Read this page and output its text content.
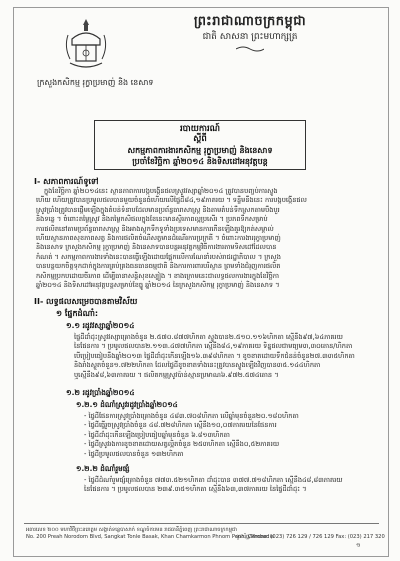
ព្រះរាជាណាចក្រកម្ពុជា
ជាតិ សាសនា ព្រះមហាក្សត្រ
ក្រសួងកសិកម្ម រុក្ខាប្រមាញ់ និង នេសាទ
របាយការណ៍
ស្តីពី
សកម្មភាពការងារកសិកម្ម រុក្ខាប្រមាញ់ និងនេសាទ
ប្រចាំខែវិច្ឆិកា ឆ្នាំ២០១៤ និងទិសដៅអនុវត្តបន្ត
I- សភាពការណ៍ទូទៅ
ក្នុងខែវិច្ឆិកា ឆ្នាំ២០១៤នេះ ស្ថានភាពការបង្កបង្កើនផលស្រូវវស្សាឆ្នាំ២០១៤ ត្រូវបានបញ្ចប់ការស្ទូង
ហើយ ហើយត្រូវបានប្រមូលផលបានមួយចំនួនធំហើយលើផ្ទៃដី៨៤,១៩ភាគរយ ។ ទន្ទឹមនឹងនេះ ការបង្កបង្កើនផល
ស្រូវប្រាំងត្រូវបានផ្តើមឡើងក្នុងតំបន់ទំនាបដែលមានប្រព័ន្ធធារាសាស្ត្រ និងតាមតំបន់ទឹកស្រកតាមបឹងបួរ
និងទន្លេ ។ ចំពោះតម្លៃស្រូវ និងតម្លៃកសិផលក្នុងខែនេះមានស្ថិរភាពល្អប្រសើរ ។ ប្រភពទឹកសម្រាប់
ការផលិតនៅតាមប្រព័ន្ធធារាសាស្ត្រ និងអាងស្តុកទឹកទូទាំងប្រទេសមានការកើនឡើងគួរឱ្យកត់សម្គាល់
ហើយស្ថានភាពសុខភាពសត្វ និងការផលិតចំណីសត្វមានដំណើរការប្រក្រតី ។ ចំពោះការងាររុក្ខាប្រមាញ់
និងនេសាទ ក្រសួងកសិកម្ម រុក្ខាប្រមាញ់ និងនេសាទបានបន្តអនុវត្តកម្មវិធីការងារតាមទិសដៅដែលបាន
កំណត់ ។ សកម្មភាពការងារទាំងនេះបានធ្វើឡើងដោយផ្អែកលើការណែនាំរបស់រាជរដ្ឋាភិបាល ។ ក្រសួង
បានបន្តយកចិត្តទុកដាក់ក្នុងការគ្រប់គ្រងធនធានធម្មជាតិ និងការការពារបរិស្ថាន ព្រមទាំងជំរុញការផលិត
កសិកម្មប្រកបដោយចីរភាព ដើម្បីធានាសន្តិសុខស្បៀង ។ ខាងក្រោមនេះជាលទ្ធផលការងារក្នុងខែវិច្ឆិកា
ឆ្នាំ២០១៤ និងទិសដៅអនុវត្តបន្តសម្រាប់ខែធ្នូ ឆ្នាំ២០១៤ នៃក្រសួងកសិកម្ម រុក្ខាប្រមាញ់ និងនេសាទ ។
II- លទ្ធផលសម្រេចបានតាមវិស័យ
១ ផ្នែកដំណាំ:
១.១ រដូវវស្សាឆ្នាំ២០១៤
ផ្ទៃដីដាំដុះស្រូវវស្សាគ្រោងចំនួន ២.៥៧០.៨៧៧ហិកតា ស្ទូងបាន២.៥១០.១១៦ហិកតា ស្មើនឹង៩៧,៦៤ភាគរយ
នៃផែនការ ។ ប្រមូលផលបាន២.១១៣.៤៧៧ហិកតា ស្មើនឹង៨៤,១៩ភាគរយ ទិន្នផលជាមធ្យម៣,៣០តោន/ហិកតា
បើប្រៀបធៀបនឹងឆ្នាំ២០១៣ ផ្ទៃដីដាំដុះកើនឡើង១៦.៣៩៨ហិកតា ។ ខូចខាតដោយទឹកជំនន់ចំនួន២៧.៣៣៥ហិកតា
និងរាំងស្ងួតចំនួន១.៧២២ហិកតា ដែលផ្ទៃដីខូចខាតទាំងនេះត្រូវបានស្ទូងឡើងវិញបាន៣៥.១៤៤ហិកតា
ឬស្មើនឹង៩៨,៦៣ភាគរយ ។ ផលិតកម្មស្រូវប៉ាន់ស្មានប្រមាណ៦.៩៧២.៥៧៤តោន ។
១.២ រដូវប្រាំងឆ្នាំ២០១៤
១.២.១ ដំណាំស្រូវរដូវប្រាំងឆ្នាំ២០១៤
- ផ្ទៃដីផែនការស្រូវប្រាំងគ្រោងចំនួន ៤៨៣.៧០៨ហិកតា លើឆ្នាំមុនចំនួន២០.១៨០ហិកតា
- ផ្ទៃដីធ្វើរួចស្រូវប្រាំងចំនួន ៤៨.៧២៨ហិកតា ស្មើនឹង១០,០៧ភាគរយនៃផែនការ
- ផ្ទៃដីដាំដុះកើនឡើងប្រៀបធៀបឆ្នាំមុនចំនួន ៦.៨១៣ហិកតា
- ផ្ទៃដីស្រូវរងការខូចខាតដោយសត្វល្អិតចំនួន ២៥៣ហិកតា ស្មើនឹង០,៥២ភាគរយ
- ផ្ទៃដីប្រមូលផលបានចំនួន ១៣២ហិកតា
១.២.២ ដំណាំរួមផ្សំ
- ផ្ទៃដីដំណាំរួមផ្សំគ្រោងចំនួន ៧៧៣.៥២១ហិកតា ដាំដុះបាន ៣៧៧.៧១៨ហិកតា ស្មើនឹង៤៨,៨៣ភាគរយ
នៃផែនការ ។ ប្រមូលផលបាន ២៣៩.៣៥១ហិកតា ស្មើនឹង៦៣,៣៧ភាគរយ នៃផ្ទៃដីដាំដុះ ។
អគារលេខ ២០០ មហាវិថីព្រះនរោត្តម សង្កាត់ទន្លេបាសាក់ ខណ្ឌចំការមន រាជធានីភ្នំពេញ ព្រះរាជាណាចក្រកម្ពុជា
No. 200 Preah Norodom Blvd, Sangkat Tonle Basak, Khan Chamkarmon Phnom Penh, Cambodia
ទូរស័ព្ទ/Phone: (023) 726 129 / 726 129 Fax: (023) 217 320
១
